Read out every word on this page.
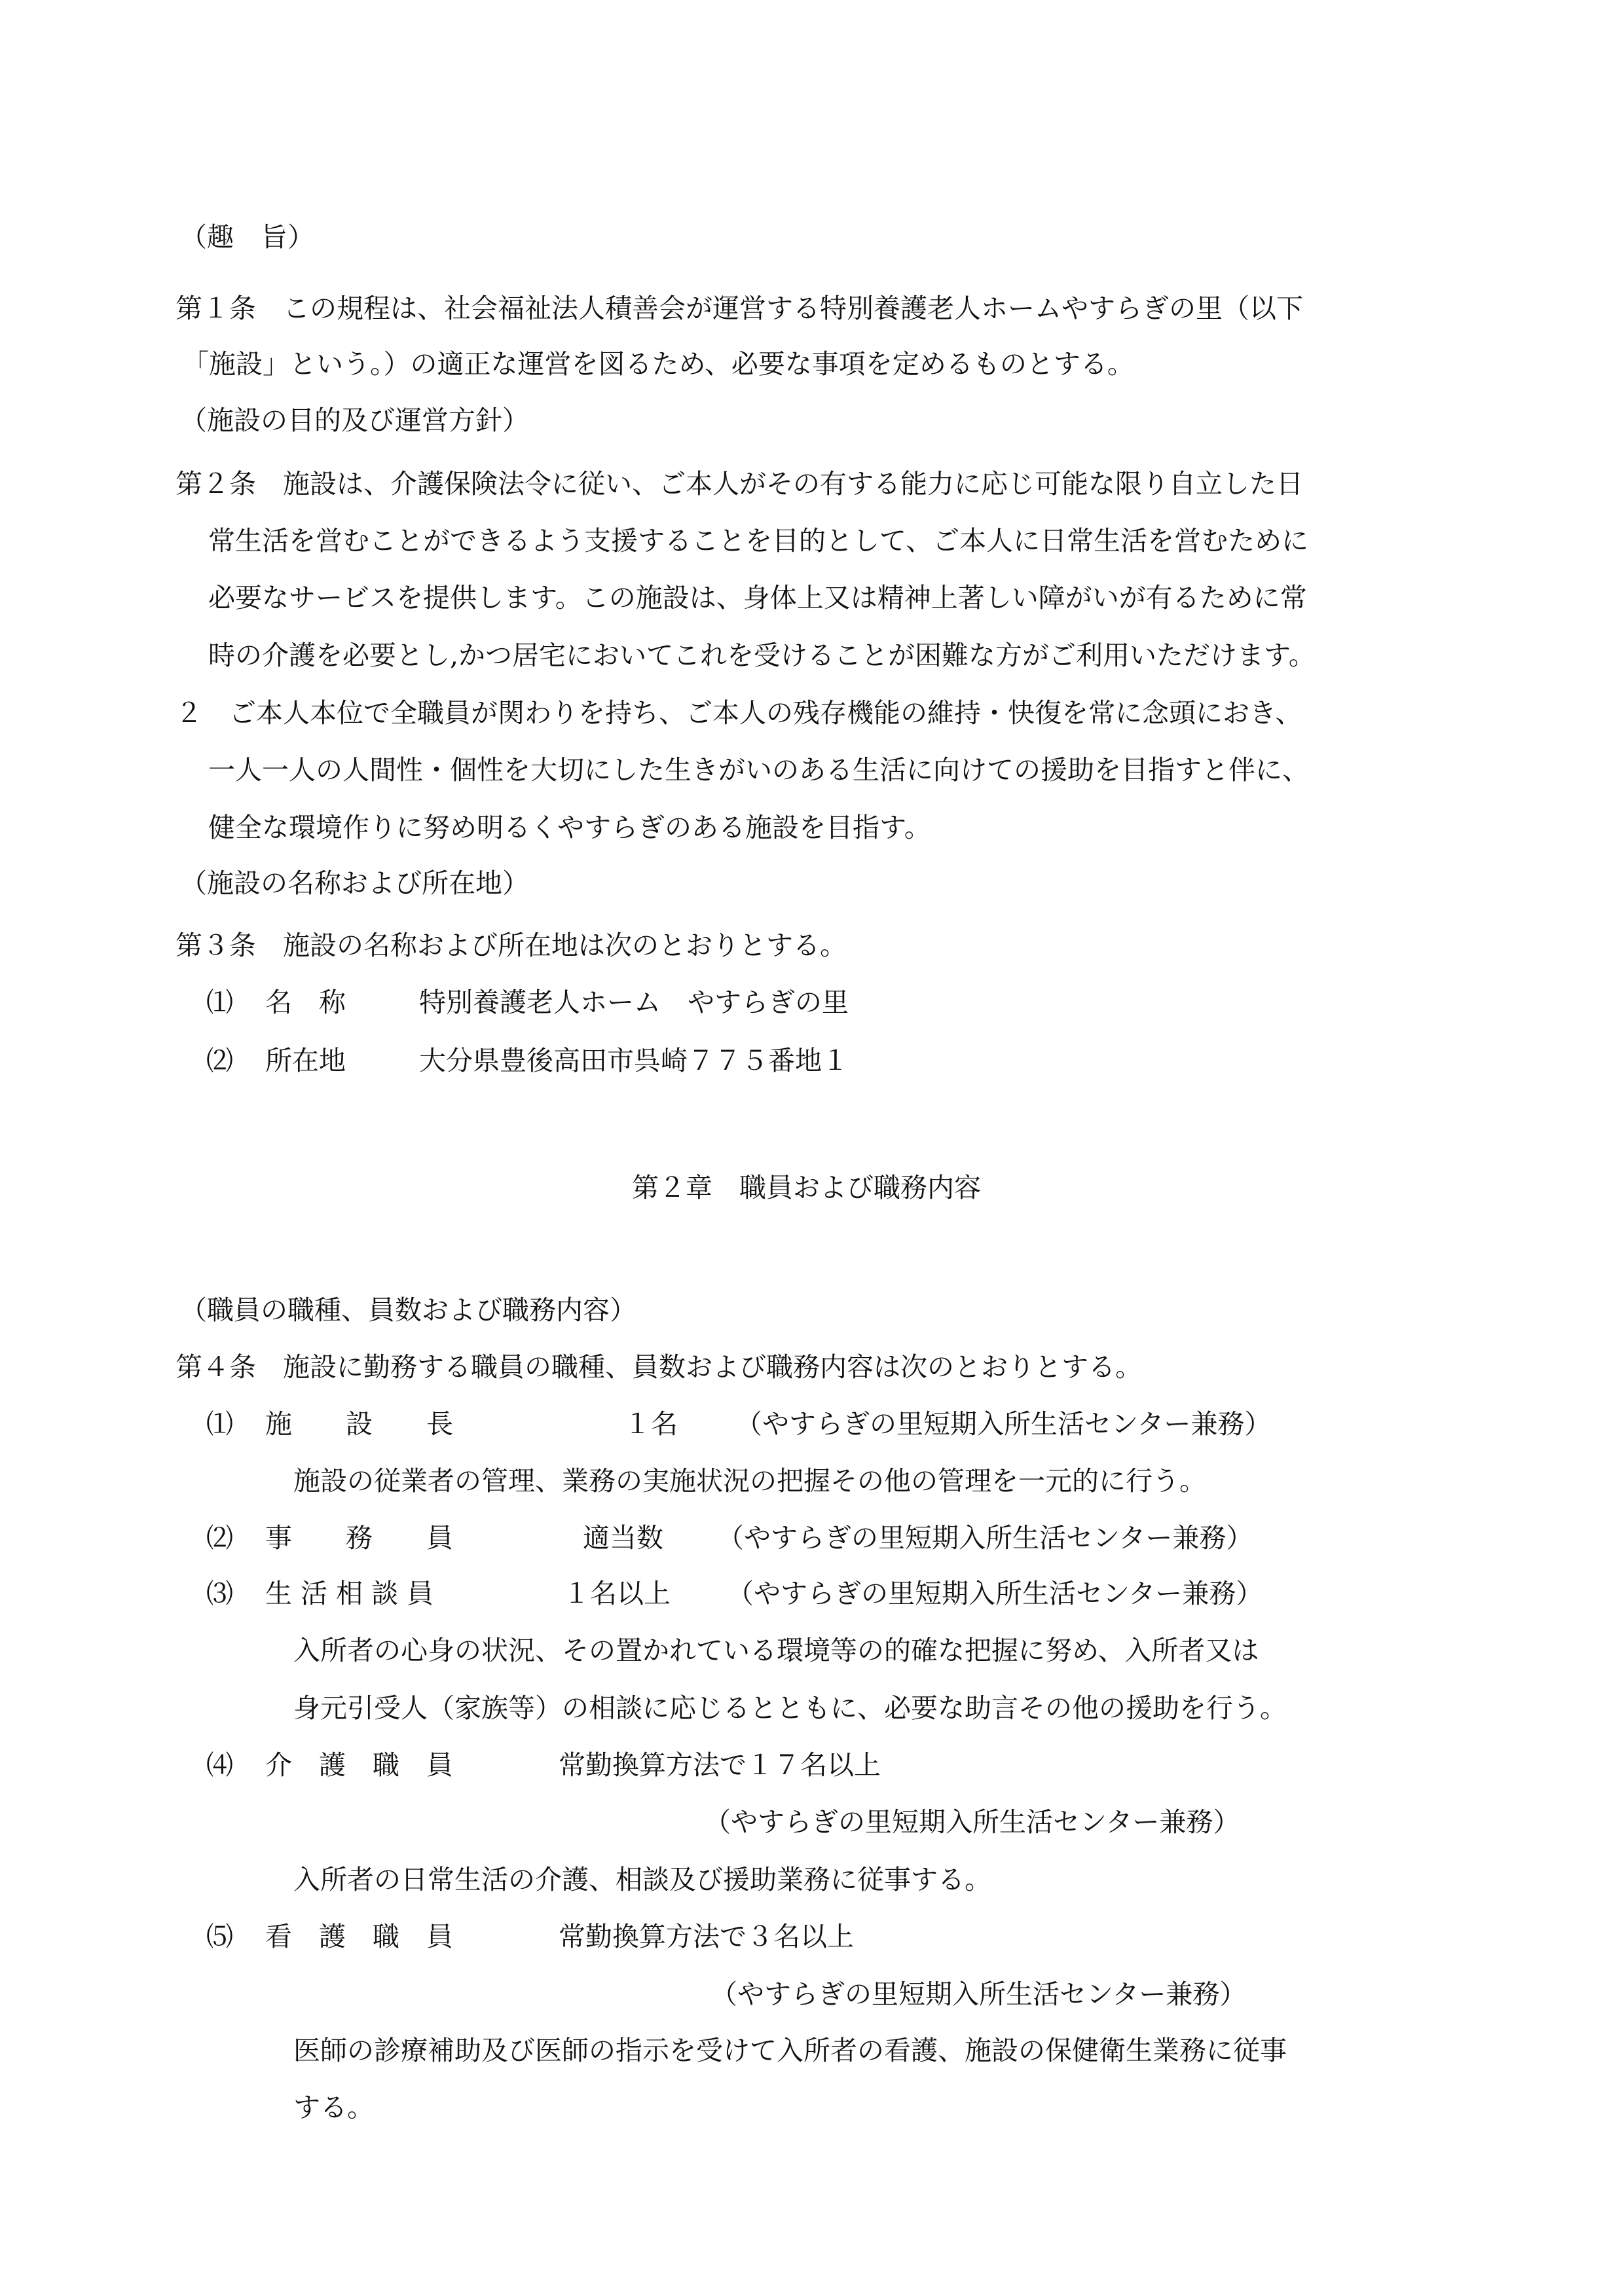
（趣　旨）
第１条　この規程は、社会福祉法人積善会が運営する特別養護老人ホームやすらぎの里（以下
「施設」という。）の適正な運営を図るため、必要な事項を定めるものとする。
（施設の目的及び運営方針）
第２条　施設は、介護保険法令に従い、ご本人がその有する能力に応じ可能な限り自立した日
常生活を営むことができるよう支援することを目的として、ご本人に日常生活を営むために
必要なサービスを提供します。この施設は、身体上又は精神上著しい障がいが有るために常
時の介護を必要とし,かつ居宅においてこれを受けることが困難な方がご利用いただけます。
２　ご本人本位で全職員が関わりを持ち、ご本人の残存機能の維持・快復を常に念頭におき、
一人一人の人間性・個性を大切にした生きがいのある生活に向けての援助を目指すと伴に、
健全な環境作りに努め明るくやすらぎのある施設を目指す。
（施設の名称および所在地）
第３条　施設の名称および所在地は次のとおりとする。
⑴	名　称	特別養護老人ホーム　やすらぎの里
⑵	所在地	大分県豊後高田市呉崎７７５番地１
第２章　職員および職務内容
（職員の職種、員数および職務内容）
第４条　施設に勤務する職員の職種、員数および職務内容は次のとおりとする。
⑴	施　　設　　長	１名	（やすらぎの里短期入所生活センター兼務）
施設の従業者の管理、業務の実施状況の把握その他の管理を一元的に行う。
⑵	事　　務　　員	適当数	（やすらぎの里短期入所生活センター兼務）
⑶	生 活 相 談 員	１名以上	（やすらぎの里短期入所生活センター兼務）
入所者の心身の状況、その置かれている環境等の的確な把握に努め、入所者又は
身元引受人（家族等）の相談に応じるとともに、必要な助言その他の援助を行う。
⑷	介　護　職　員	常勤換算方法で１７名以上
（やすらぎの里短期入所生活センター兼務）
入所者の日常生活の介護、相談及び援助業務に従事する。
⑸	看　護　職　員	常勤換算方法で３名以上
（やすらぎの里短期入所生活センター兼務）
医師の診療補助及び医師の指示を受けて入所者の看護、施設の保健衛生業務に従事
する。
